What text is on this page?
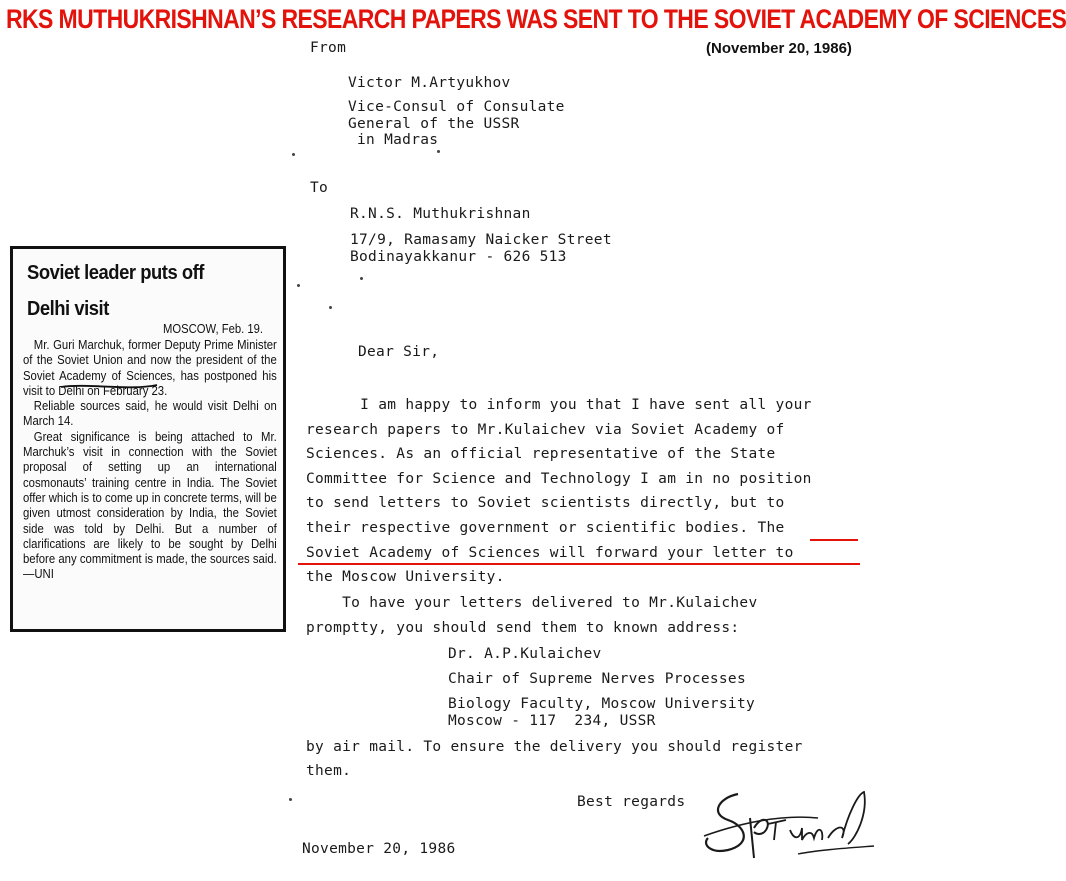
RKS MUTHUKRISHNAN’S RESEARCH PAPERS WAS SENT TO THE SOVIET ACADEMY OF SCIENCES
(November 20, 1986)
From
Victor M.Artyukhov
Vice-Consul of Consulate
General of the USSR
in Madras
To
R.N.S. Muthukrishnan
17/9, Ramasamy Naicker Street
Bodinayakkanur - 626 513
Dear Sir,
I am happy to inform you that I have sent all your
research papers to Mr.Kulaichev via Soviet Academy of
Sciences. As an official representative of the State
Committee for Science and Technology I am in no position
to send letters to Soviet scientists directly, but to
their respective government or scientific bodies. The
Soviet Academy of Sciences will forward your letter to
the Moscow University.
To have your letters delivered to Mr.Kulaichev
promptty, you should send them to known address:
Dr. A.P.Kulaichev
Chair of Supreme Nerves Processes
Biology Faculty, Moscow University
Moscow - 117  234, USSR
by air mail. To ensure the delivery you should register
them.
Best regards
November 20, 1986
Soviet leader puts off
Delhi visit
MOSCOW, Feb. 19.

Mr. Guri Marchuk, former Deputy Prime Minister of the Soviet Union and now the president of the Soviet Academy of Sciences, has postponed his visit to Delhi on February 23.

Reliable sources said, he would visit Delhi on March 14.

Great significance is being attached to Mr. Marchuk’s visit in connection with the Soviet proposal of setting up an international cosmonauts’ training centre in India. The Soviet offer which is to come up in concrete terms, will be given utmost consideration by India, the Soviet side was told by Delhi. But a number of clarifications are likely to be sought by Delhi before any commitment is made, the sources said.—UNI
